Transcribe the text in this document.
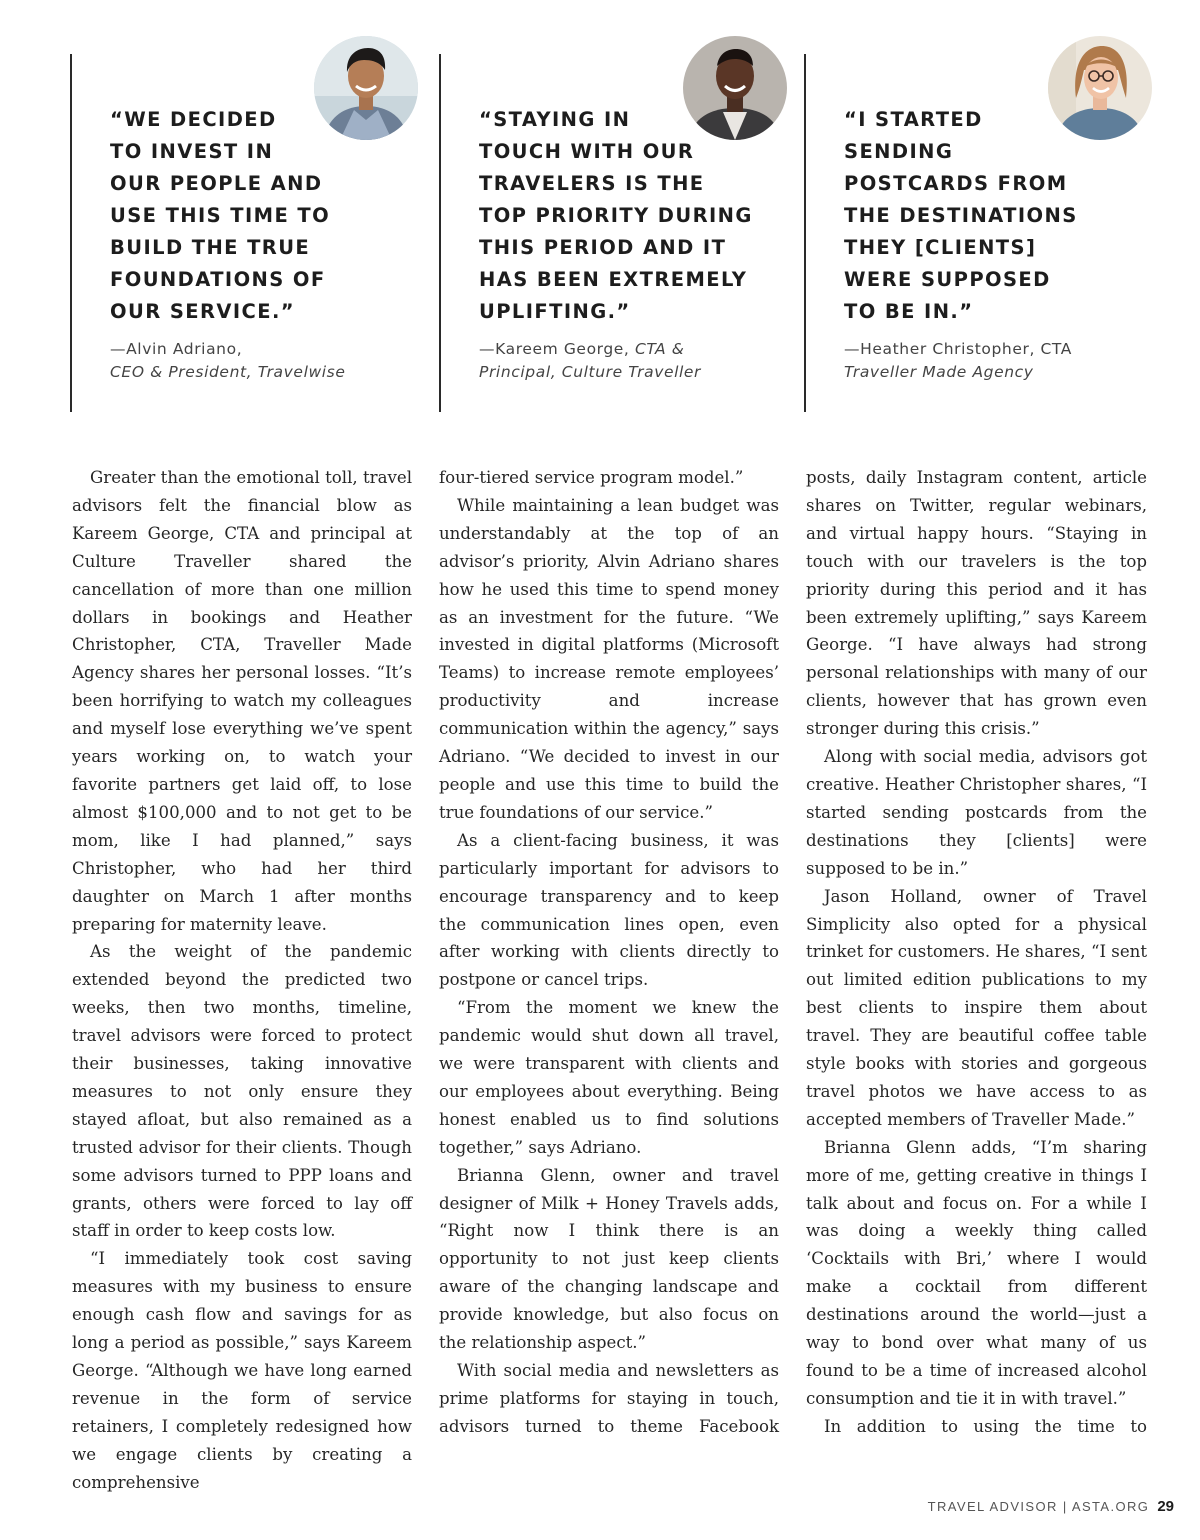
“WE DECIDED
TO INVEST IN
OUR PEOPLE AND
USE THIS TIME TO
BUILD THE TRUE
FOUNDATIONS OF
OUR SERVICE.”

—Alvin Adriano,
CEO & President, Travelwise

“STAYING IN
TOUCH WITH OUR
TRAVELERS IS THE
TOP PRIORITY DURING
THIS PERIOD AND IT
HAS BEEN EXTREMELY
UPLIFTING.”

—Kareem George, CTA &
Principal, Culture Traveller

“I STARTED
SENDING
POSTCARDS FROM
THE DESTINATIONS
THEY [CLIENTS]
WERE SUPPOSED
TO BE IN.”

—Heather Christopher, CTA
Traveller Made Agency

Greater than the emotional toll, travel advisors felt the financial blow as Kareem George, CTA and principal at Culture Traveller shared the cancellation of more than one million dollars in bookings and Heather Christopher, CTA, Traveller Made Agency shares her personal losses. “It’s been horrifying to watch my colleagues and myself lose everything we’ve spent years working on, to watch your favorite partners get laid off, to lose almost $100,000 and to not get to be mom, like I had planned,” says Christopher, who had her third daughter on March 1 after months preparing for maternity leave.

As the weight of the pandemic extended beyond the predicted two weeks, then two months, timeline, travel advisors were forced to protect their businesses, taking innovative measures to not only ensure they stayed afloat, but also remained as a trusted advisor for their clients. Though some advisors turned to PPP loans and grants, others were forced to lay off staff in order to keep costs low.

“I immediately took cost saving measures with my business to ensure enough cash flow and savings for as long a period as possible,” says Kareem George. “Although we have long earned revenue in the form of service retainers, I completely redesigned how we engage clients by creating a comprehensive

four-tiered service program model.”

While maintaining a lean budget was understandably at the top of an advisor’s priority, Alvin Adriano shares how he used this time to spend money as an investment for the future. “We invested in digital platforms (Microsoft Teams) to increase remote employees’ productivity and increase communication within the agency,” says Adriano. “We decided to invest in our people and use this time to build the true foundations of our service.”

As a client-facing business, it was particularly important for advisors to encourage transparency and to keep the communication lines open, even after working with clients directly to postpone or cancel trips.

“From the moment we knew the pandemic would shut down all travel, we were transparent with clients and our employees about everything. Being honest enabled us to find solutions together,” says Adriano.

Brianna Glenn, owner and travel designer of Milk + Honey Travels adds, “Right now I think there is an opportunity to not just keep clients aware of the changing landscape and provide knowledge, but also focus on the relationship aspect.”

With social media and newsletters as prime platforms for staying in touch, advisors turned to theme Facebook

posts, daily Instagram content, article shares on Twitter, regular webinars, and virtual happy hours. “Staying in touch with our travelers is the top priority during this period and it has been extremely uplifting,” says Kareem George. “I have always had strong personal relationships with many of our clients, however that has grown even stronger during this crisis.”

Along with social media, advisors got creative. Heather Christopher shares, “I started sending postcards from the destinations they [clients] were supposed to be in.”

Jason Holland, owner of Travel Simplicity also opted for a physical trinket for customers. He shares, “I sent out limited edition publications to my best clients to inspire them about travel. They are beautiful coffee table style books with stories and gorgeous travel photos we have access to as accepted members of Traveller Made.”

Brianna Glenn adds, “I’m sharing more of me, getting creative in things I talk about and focus on. For a while I was doing a weekly thing called ‘Cocktails with Bri,’ where I would make a cocktail from different destinations around the world—just a way to bond over what many of us found to be a time of increased alcohol consumption and tie it in with travel.”

In addition to using the time to

TRAVEL ADVISOR | ASTA.ORG 29
